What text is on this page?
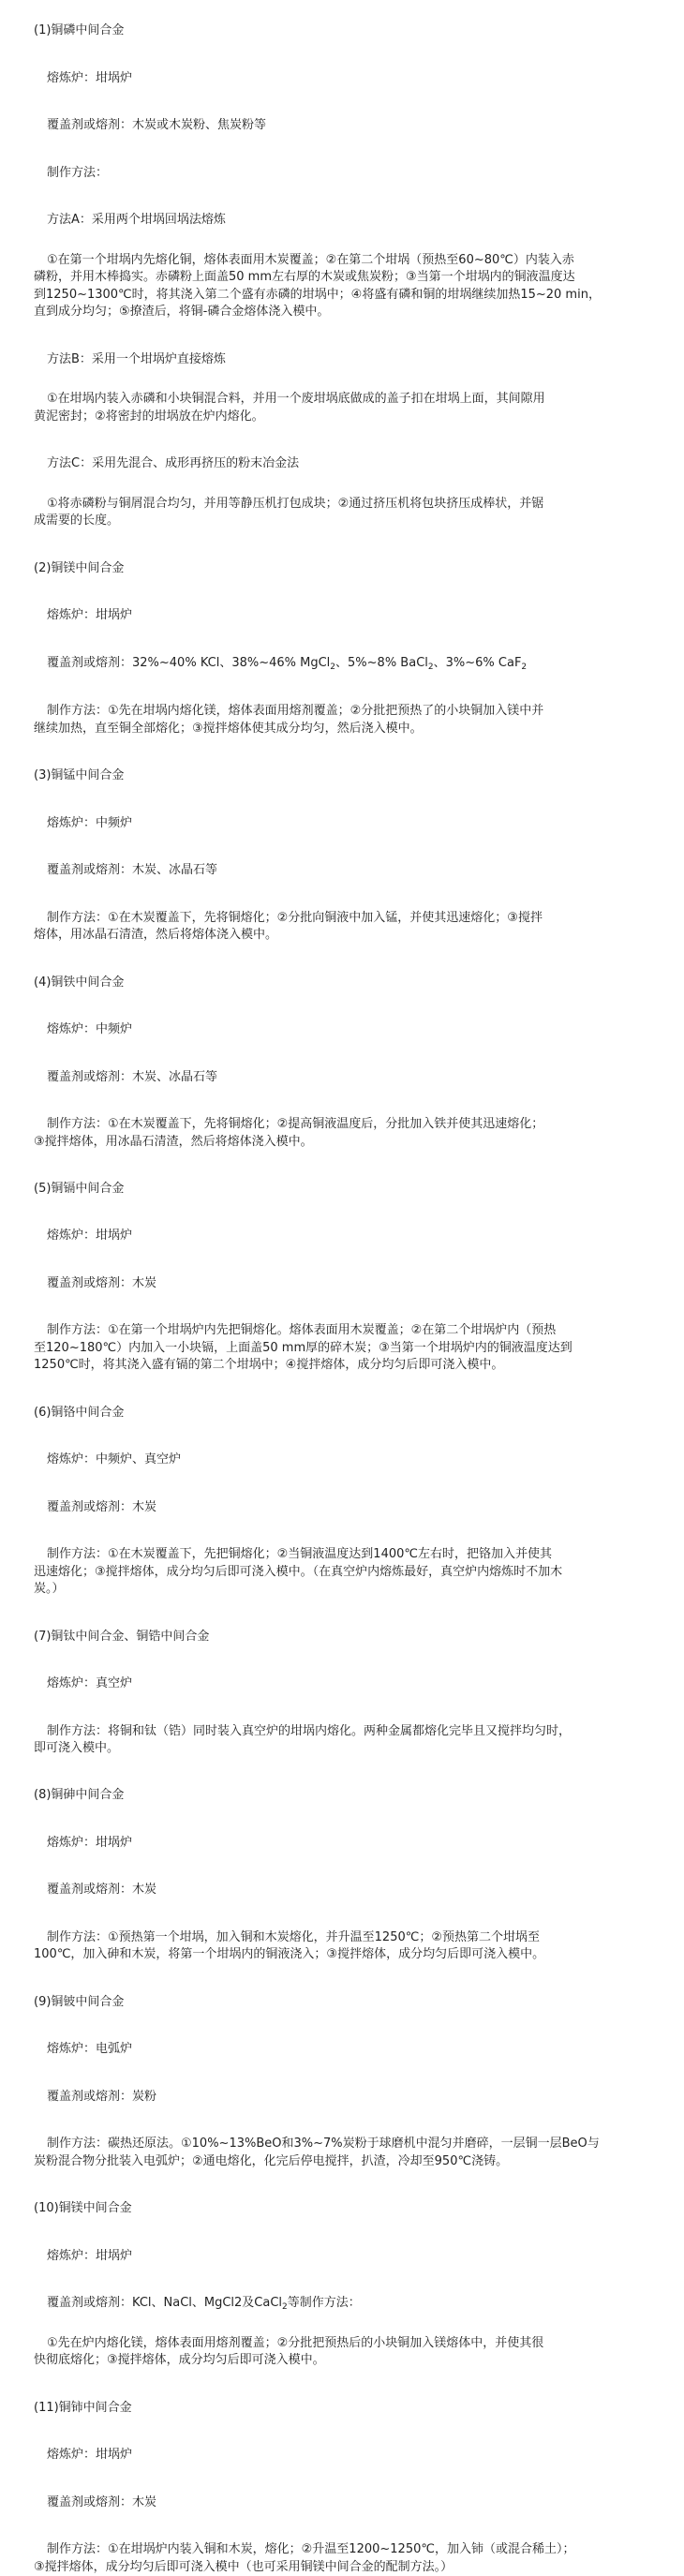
(1)铜磷中间合金
熔炼炉：坩埚炉
覆盖剂或熔剂：木炭或木炭粉、焦炭粉等
制作方法：
方法A：采用两个坩埚回埚法熔炼
①在第一个坩埚内先熔化铜，熔体表面用木炭覆盖；②在第二个坩埚（预热至60~80℃）内装入赤
磷粉，并用木棒捣实。赤磷粉上面盖50 mm左右厚的木炭或焦炭粉；③当第一个坩埚内的铜液温度达
到1250~1300℃时，将其浇入第二个盛有赤磷的坩埚中；④将盛有磷和铜的坩埚继续加热15~20 min，
直到成分均匀；⑤撩渣后，将铜-磷合金熔体浇入模中。
方法B：采用一个坩埚炉直接熔炼
①在坩埚内装入赤磷和小块铜混合料，并用一个废坩埚底做成的盖子扣在坩埚上面，其间隙用
黄泥密封；②将密封的坩埚放在炉内熔化。
方法C：采用先混合、成形再挤压的粉末冶金法
①将赤磷粉与铜屑混合均匀，并用等静压机打包成块；②通过挤压机将包块挤压成棒状，并锯
成需要的长度。
(2)铜镁中间合金
熔炼炉：坩埚炉
覆盖剂或熔剂：32%~40% KCl、38%~46% MgCl$_2$、5%~8% BaCl$_2$、3%~6% CaF$_2$
制作方法：①先在坩埚内熔化镁，熔体表面用熔剂覆盖；②分批把预热了的小块铜加入镁中并
继续加热，直至铜全部熔化；③搅拌熔体使其成分均匀，然后浇入模中。
(3)铜锰中间合金
熔炼炉：中频炉
覆盖剂或熔剂：木炭、冰晶石等
制作方法：①在木炭覆盖下，先将铜熔化；②分批向铜液中加入锰，并使其迅速熔化；③搅拌
熔体，用冰晶石清渣，然后将熔体浇入模中。
(4)铜铁中间合金
熔炼炉：中频炉
覆盖剂或熔剂：木炭、冰晶石等
制作方法：①在木炭覆盖下，先将铜熔化；②提高铜液温度后，分批加入铁并使其迅速熔化；
③搅拌熔体，用冰晶石清渣，然后将熔体浇入模中。
(5)铜镉中间合金
熔炼炉：坩埚炉
覆盖剂或熔剂：木炭
制作方法：①在第一个坩埚炉内先把铜熔化。熔体表面用木炭覆盖；②在第二个坩埚炉内（预热
至120~180℃）内加入一小块镉，上面盖50 mm厚的碎木炭；③当第一个坩埚炉内的铜液温度达到
1250℃时，将其浇入盛有镉的第二个坩埚中；④搅拌熔体，成分均匀后即可浇入模中。
(6)铜铬中间合金
熔炼炉：中频炉、真空炉
覆盖剂或熔剂：木炭
制作方法：①在木炭覆盖下，先把铜熔化；②当铜液温度达到1400℃左右时，把铬加入并使其
迅速熔化；③搅拌熔体，成分均匀后即可浇入模中。（在真空炉内熔炼最好，真空炉内熔炼时不加木
炭。）
(7)铜钛中间合金、铜锆中间合金
熔炼炉：真空炉
制作方法：将铜和钛（锆）同时装入真空炉的坩埚内熔化。两种金属都熔化完毕且又搅拌均匀时，
即可浇入模中。
(8)铜砷中间合金
熔炼炉：坩埚炉
覆盖剂或熔剂：木炭
制作方法：①预热第一个坩埚，加入铜和木炭熔化，并升温至1250℃；②预热第二个坩埚至
100℃，加入砷和木炭，将第一个坩埚内的铜液浇入；③搅拌熔体，成分均匀后即可浇入模中。
(9)铜铍中间合金
熔炼炉：电弧炉
覆盖剂或熔剂：炭粉
制作方法：碳热还原法。①10%~13%BeO和3%~7%炭粉于球磨机中混匀并磨碎，一层铜一层BeO与
炭粉混合物分批装入电弧炉；②通电熔化，化完后停电搅拌，扒渣，冷却至950℃浇铸。
(10)铜镁中间合金
熔炼炉：坩埚炉
覆盖剂或熔剂：KCl、NaCl、MgCl2及CaCl$_2$等制作方法：
①先在炉内熔化镁，熔体表面用熔剂覆盖；②分批把预热后的小块铜加入镁熔体中，并使其很
快彻底熔化；③搅拌熔体，成分均匀后即可浇入模中。
(11)铜铈中间合金
熔炼炉：坩埚炉
覆盖剂或熔剂：木炭
制作方法：①在坩埚炉内装入铜和木炭，熔化；②升温至1200~1250℃，加入铈（或混合稀土）；
③搅拌熔体，成分均匀后即可浇入模中（也可采用铜镁中间合金的配制方法。）
